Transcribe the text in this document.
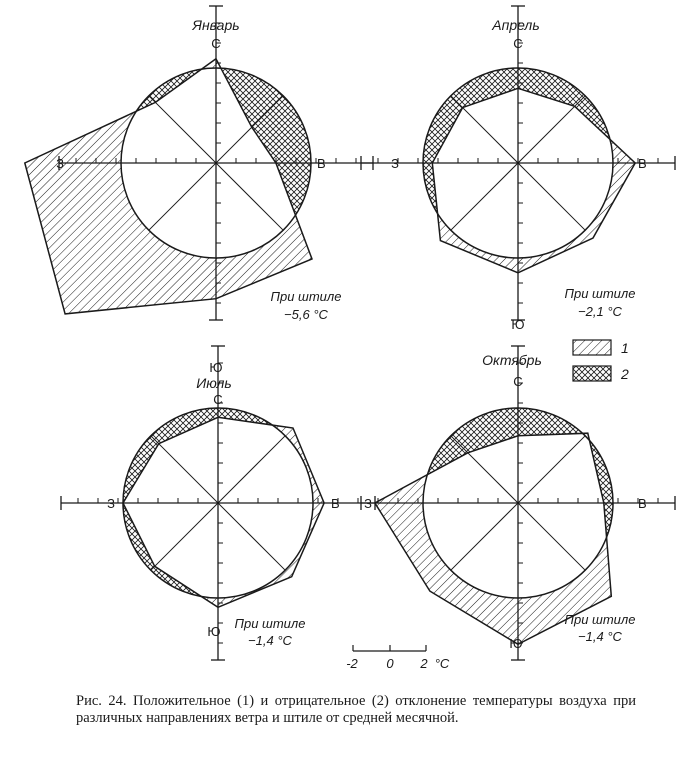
Январь
С
В
Ю
З
При штиле
−5,6 °C
Апрель
С
В
Ю
З
При штиле
−2,1 °C
Июль
С
В
Ю
З
При штиле
−1,4 °C
Октябрь
С
В
Ю
З
При штиле
−1,4 °C
1
2
-2 0 2 °C
Рис. 24. Положительное (1) и отрицательное (2) отклонение температуры воздуха при различных направлениях ветра и штиле от средней месячной.
